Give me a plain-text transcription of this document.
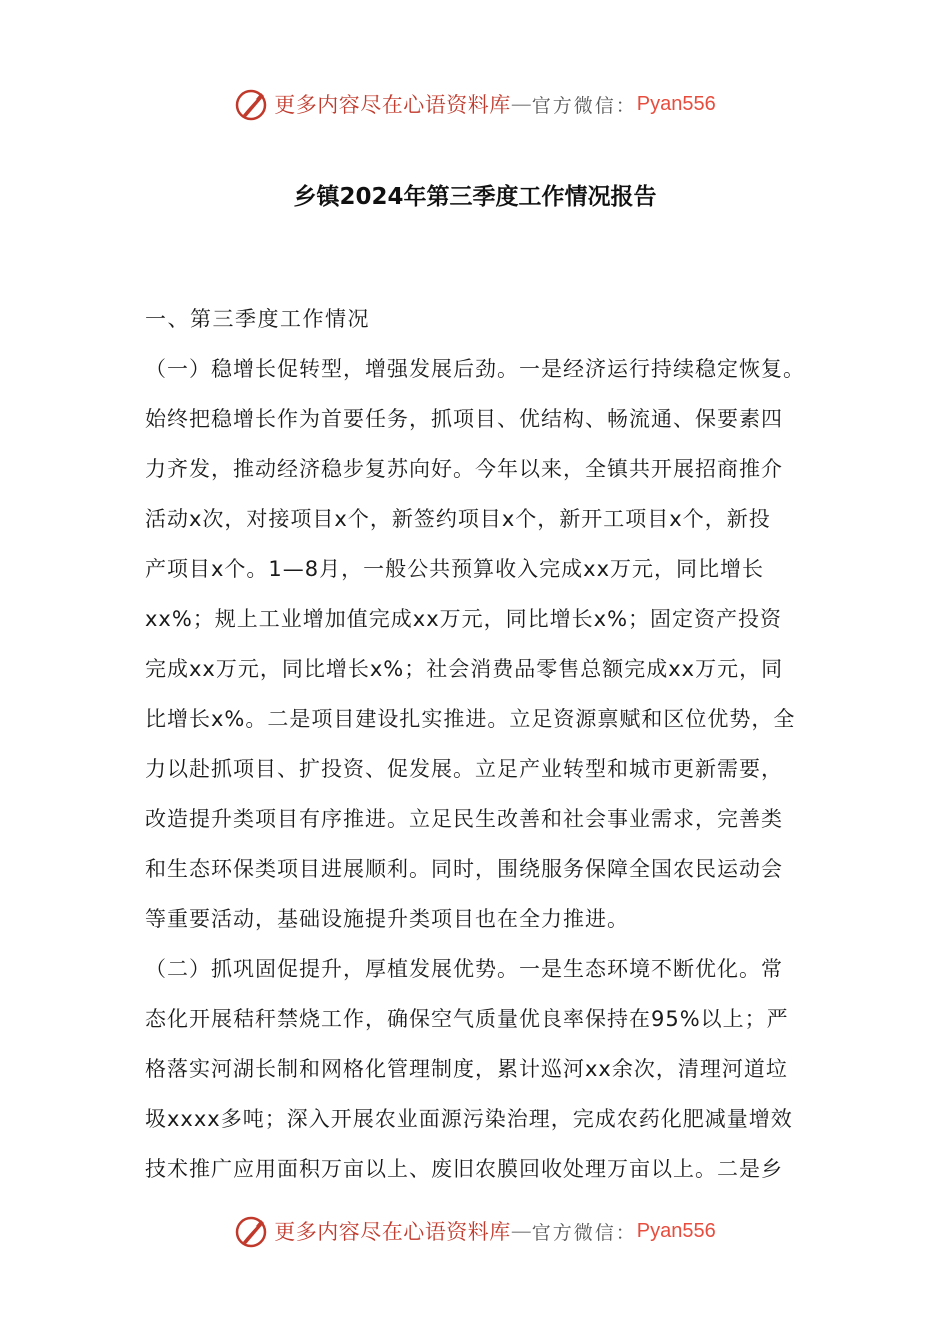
更多内容尽在心语资料库 — 官方微信： Pyan556
乡镇2024年第三季度工作情况报告
一、第三季度工作情况
（一）稳增长促转型，增强发展后劲。一是经济运行持续稳定恢复。
始终把稳增长作为首要任务，抓项目、优结构、畅流通、保要素四
力齐发，推动经济稳步复苏向好。今年以来，全镇共开展招商推介
活动x次，对接项目x个，新签约项目x个，新开工项目x个，新投
产项目x个。1—8月，一般公共预算收入完成xx万元，同比增长
xx%；规上工业增加值完成xx万元，同比增长x%；固定资产投资
完成xx万元，同比增长x%；社会消费品零售总额完成xx万元，同
比增长x%。二是项目建设扎实推进。立足资源禀赋和区位优势，全
力以赴抓项目、扩投资、促发展。立足产业转型和城市更新需要，
改造提升类项目有序推进。立足民生改善和社会事业需求，完善类
和生态环保类项目进展顺利。同时，围绕服务保障全国农民运动会
等重要活动，基础设施提升类项目也在全力推进。
（二）抓巩固促提升，厚植发展优势。一是生态环境不断优化。常
态化开展秸秆禁烧工作，确保空气质量优良率保持在95%以上；严
格落实河湖长制和网格化管理制度，累计巡河xx余次，清理河道垃
圾xxxx多吨；深入开展农业面源污染治理，完成农药化肥减量增效
技术推广应用面积万亩以上、废旧农膜回收处理万亩以上。二是乡
更多内容尽在心语资料库 — 官方微信： Pyan556
